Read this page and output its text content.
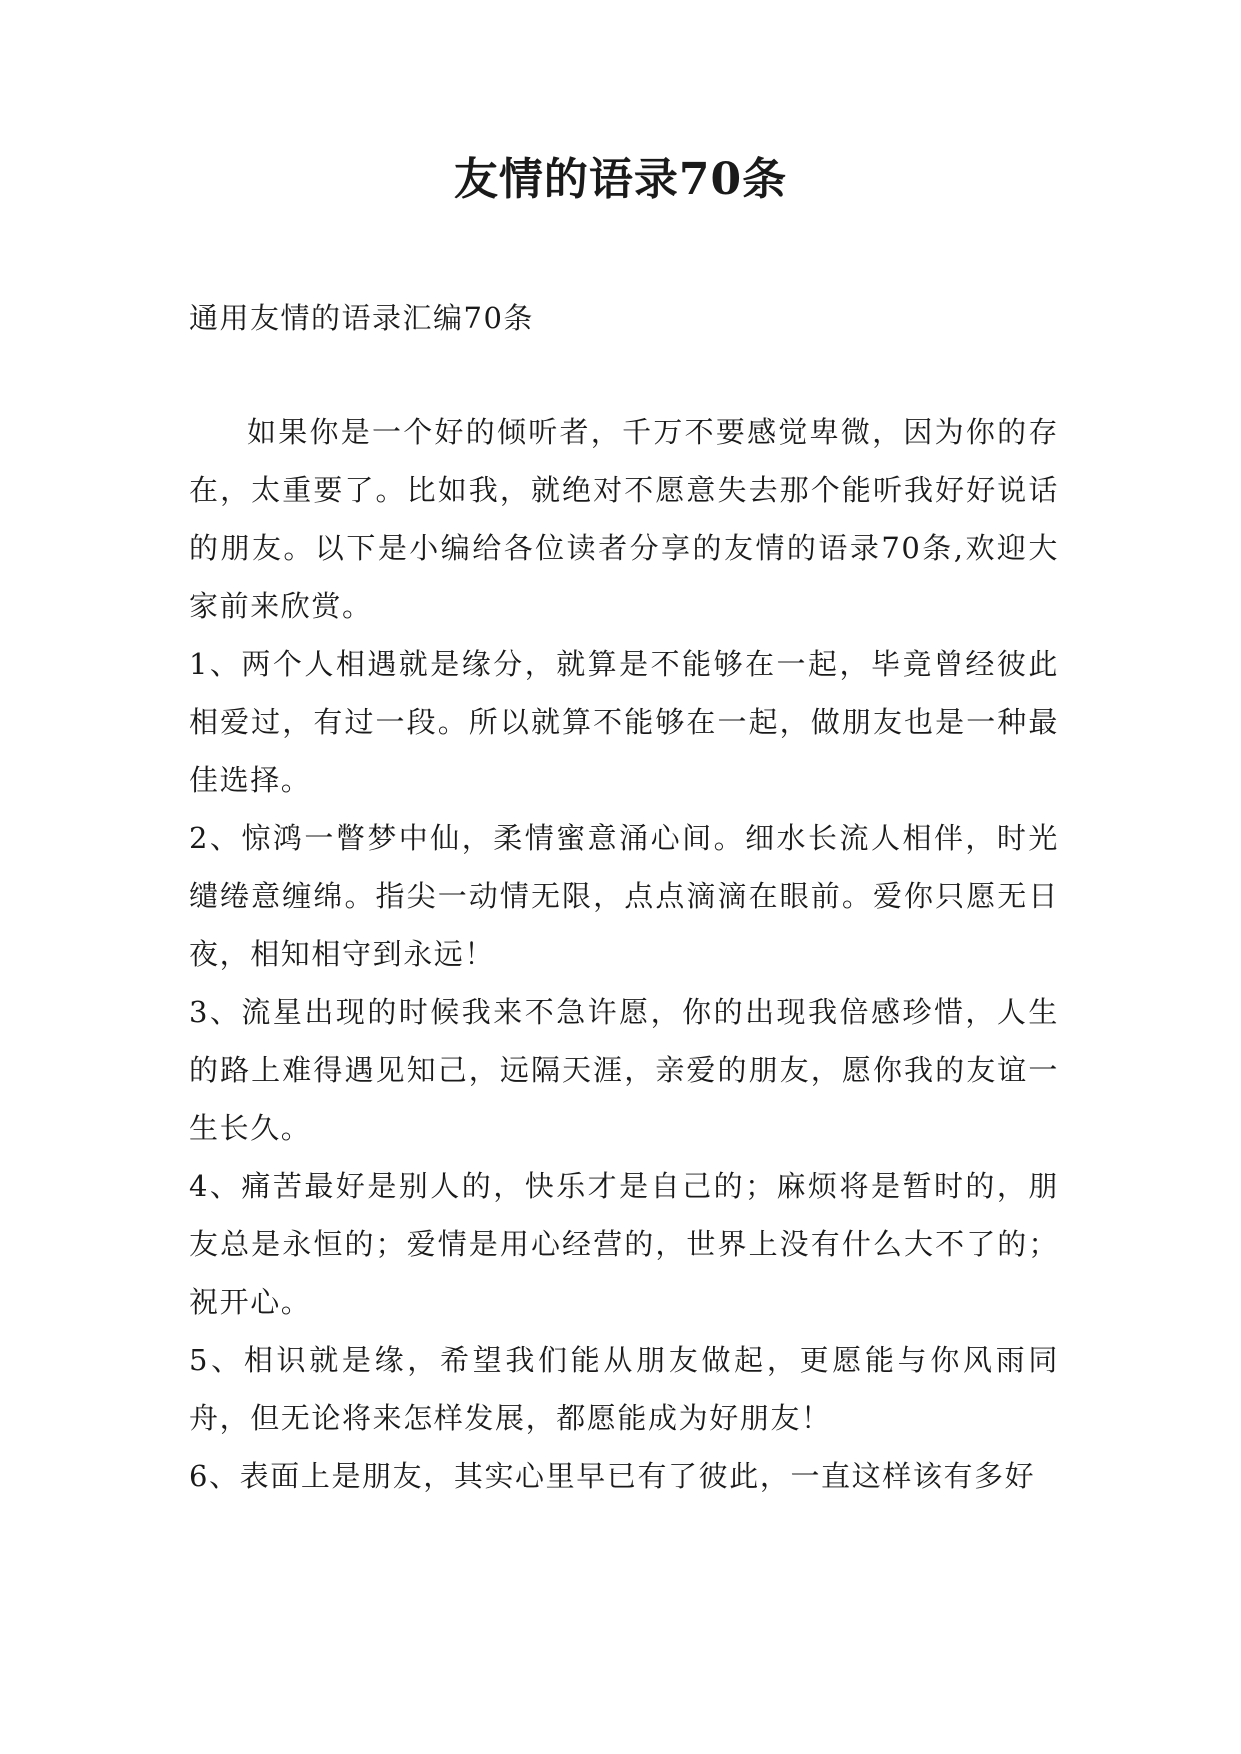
友情的语录70条
通用友情的语录汇编70条

如果你是一个好的倾听者，千万不要感觉卑微，因为你的存在，太重要了。比如我，就绝对不愿意失去那个能听我好好说话的朋友。以下是小编给各位读者分享的友情的语录70条,欢迎大家前来欣赏。

1、两个人相遇就是缘分，就算是不能够在一起，毕竟曾经彼此相爱过，有过一段。所以就算不能够在一起，做朋友也是一种最佳选择。

2、惊鸿一瞥梦中仙，柔情蜜意涌心间。细水长流人相伴，时光缱绻意缠绵。指尖一动情无限，点点滴滴在眼前。爱你只愿无日夜，相知相守到永远！

3、流星出现的时候我来不急许愿，你的出现我倍感珍惜，人生的路上难得遇见知己，远隔天涯，亲爱的朋友，愿你我的友谊一生长久。

4、痛苦最好是别人的，快乐才是自己的；麻烦将是暂时的，朋友总是永恒的；爱情是用心经营的，世界上没有什么大不了的；祝开心。

5、相识就是缘，希望我们能从朋友做起，更愿能与你风雨同舟，但无论将来怎样发展，都愿能成为好朋友！

6、表面上是朋友，其实心里早已有了彼此，一直这样该有多好
